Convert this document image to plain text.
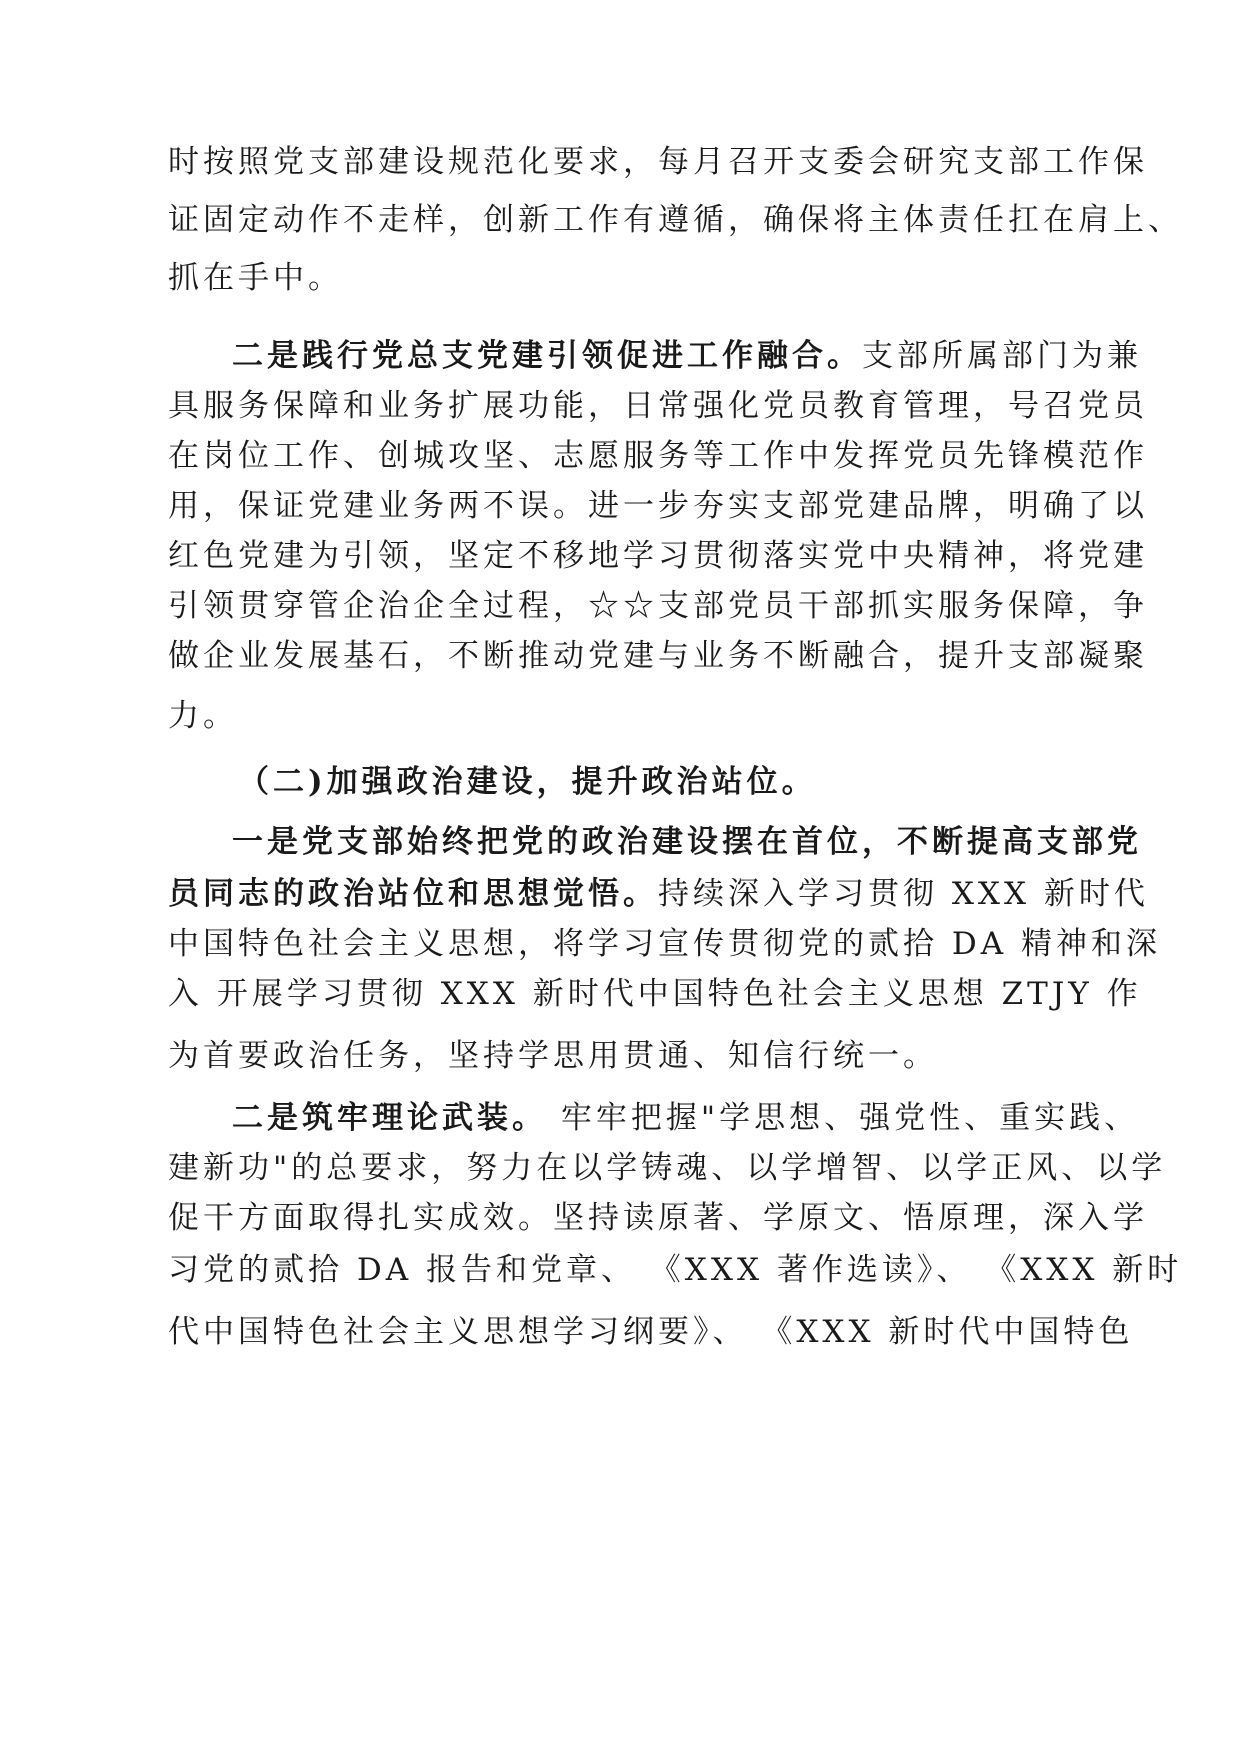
时按照党支部建设规范化要求，每月召开支委会研究支部工作保
证固定动作不走样，创新工作有遵循，确保将主体责任扛在肩上、
抓在手中。
二是践行党总支党建引领促进工作融合。支部所属部门为兼
具服务保障和业务扩展功能，日常强化党员教育管理，号召党员
在岗位工作、创城攻坚、志愿服务等工作中发挥党员先锋模范作
用，保证党建业务两不误。进一步夯实支部党建品牌，明确了以
红色党建为引领，坚定不移地学习贯彻落实党中央精神，将党建
引领贯穿管企治企全过程，☆☆支部党员干部抓实服务保障，争
做企业发展基石，不断推动党建与业务不断融合，提升支部凝聚
力。
（二)加强政治建设，提升政治站位。
一是党支部始终把党的政治建设摆在首位，不断提高支部党
员同志的政治站位和思想觉悟。持续深入学习贯彻 XXX 新时代
中国特色社会主义思想，将学习宣传贯彻党的贰拾 DA 精神和深
入 开展学习贯彻 XXX 新时代中国特色社会主义思想 ZTJY 作
为首要政治任务，坚持学思用贯通、知信行统一。
二是筑牢理论武装。 牢牢把握"学思想、强党性、重实践、
建新功"的总要求，努力在以学铸魂、以学增智、以学正风、以学
促干方面取得扎实成效。坚持读原著、学原文、悟原理，深入学
习党的贰拾 DA 报告和党章、 《XXX 著作选读》、 《XXX 新时
代中国特色社会主义思想学习纲要》、 《XXX 新时代中国特色
